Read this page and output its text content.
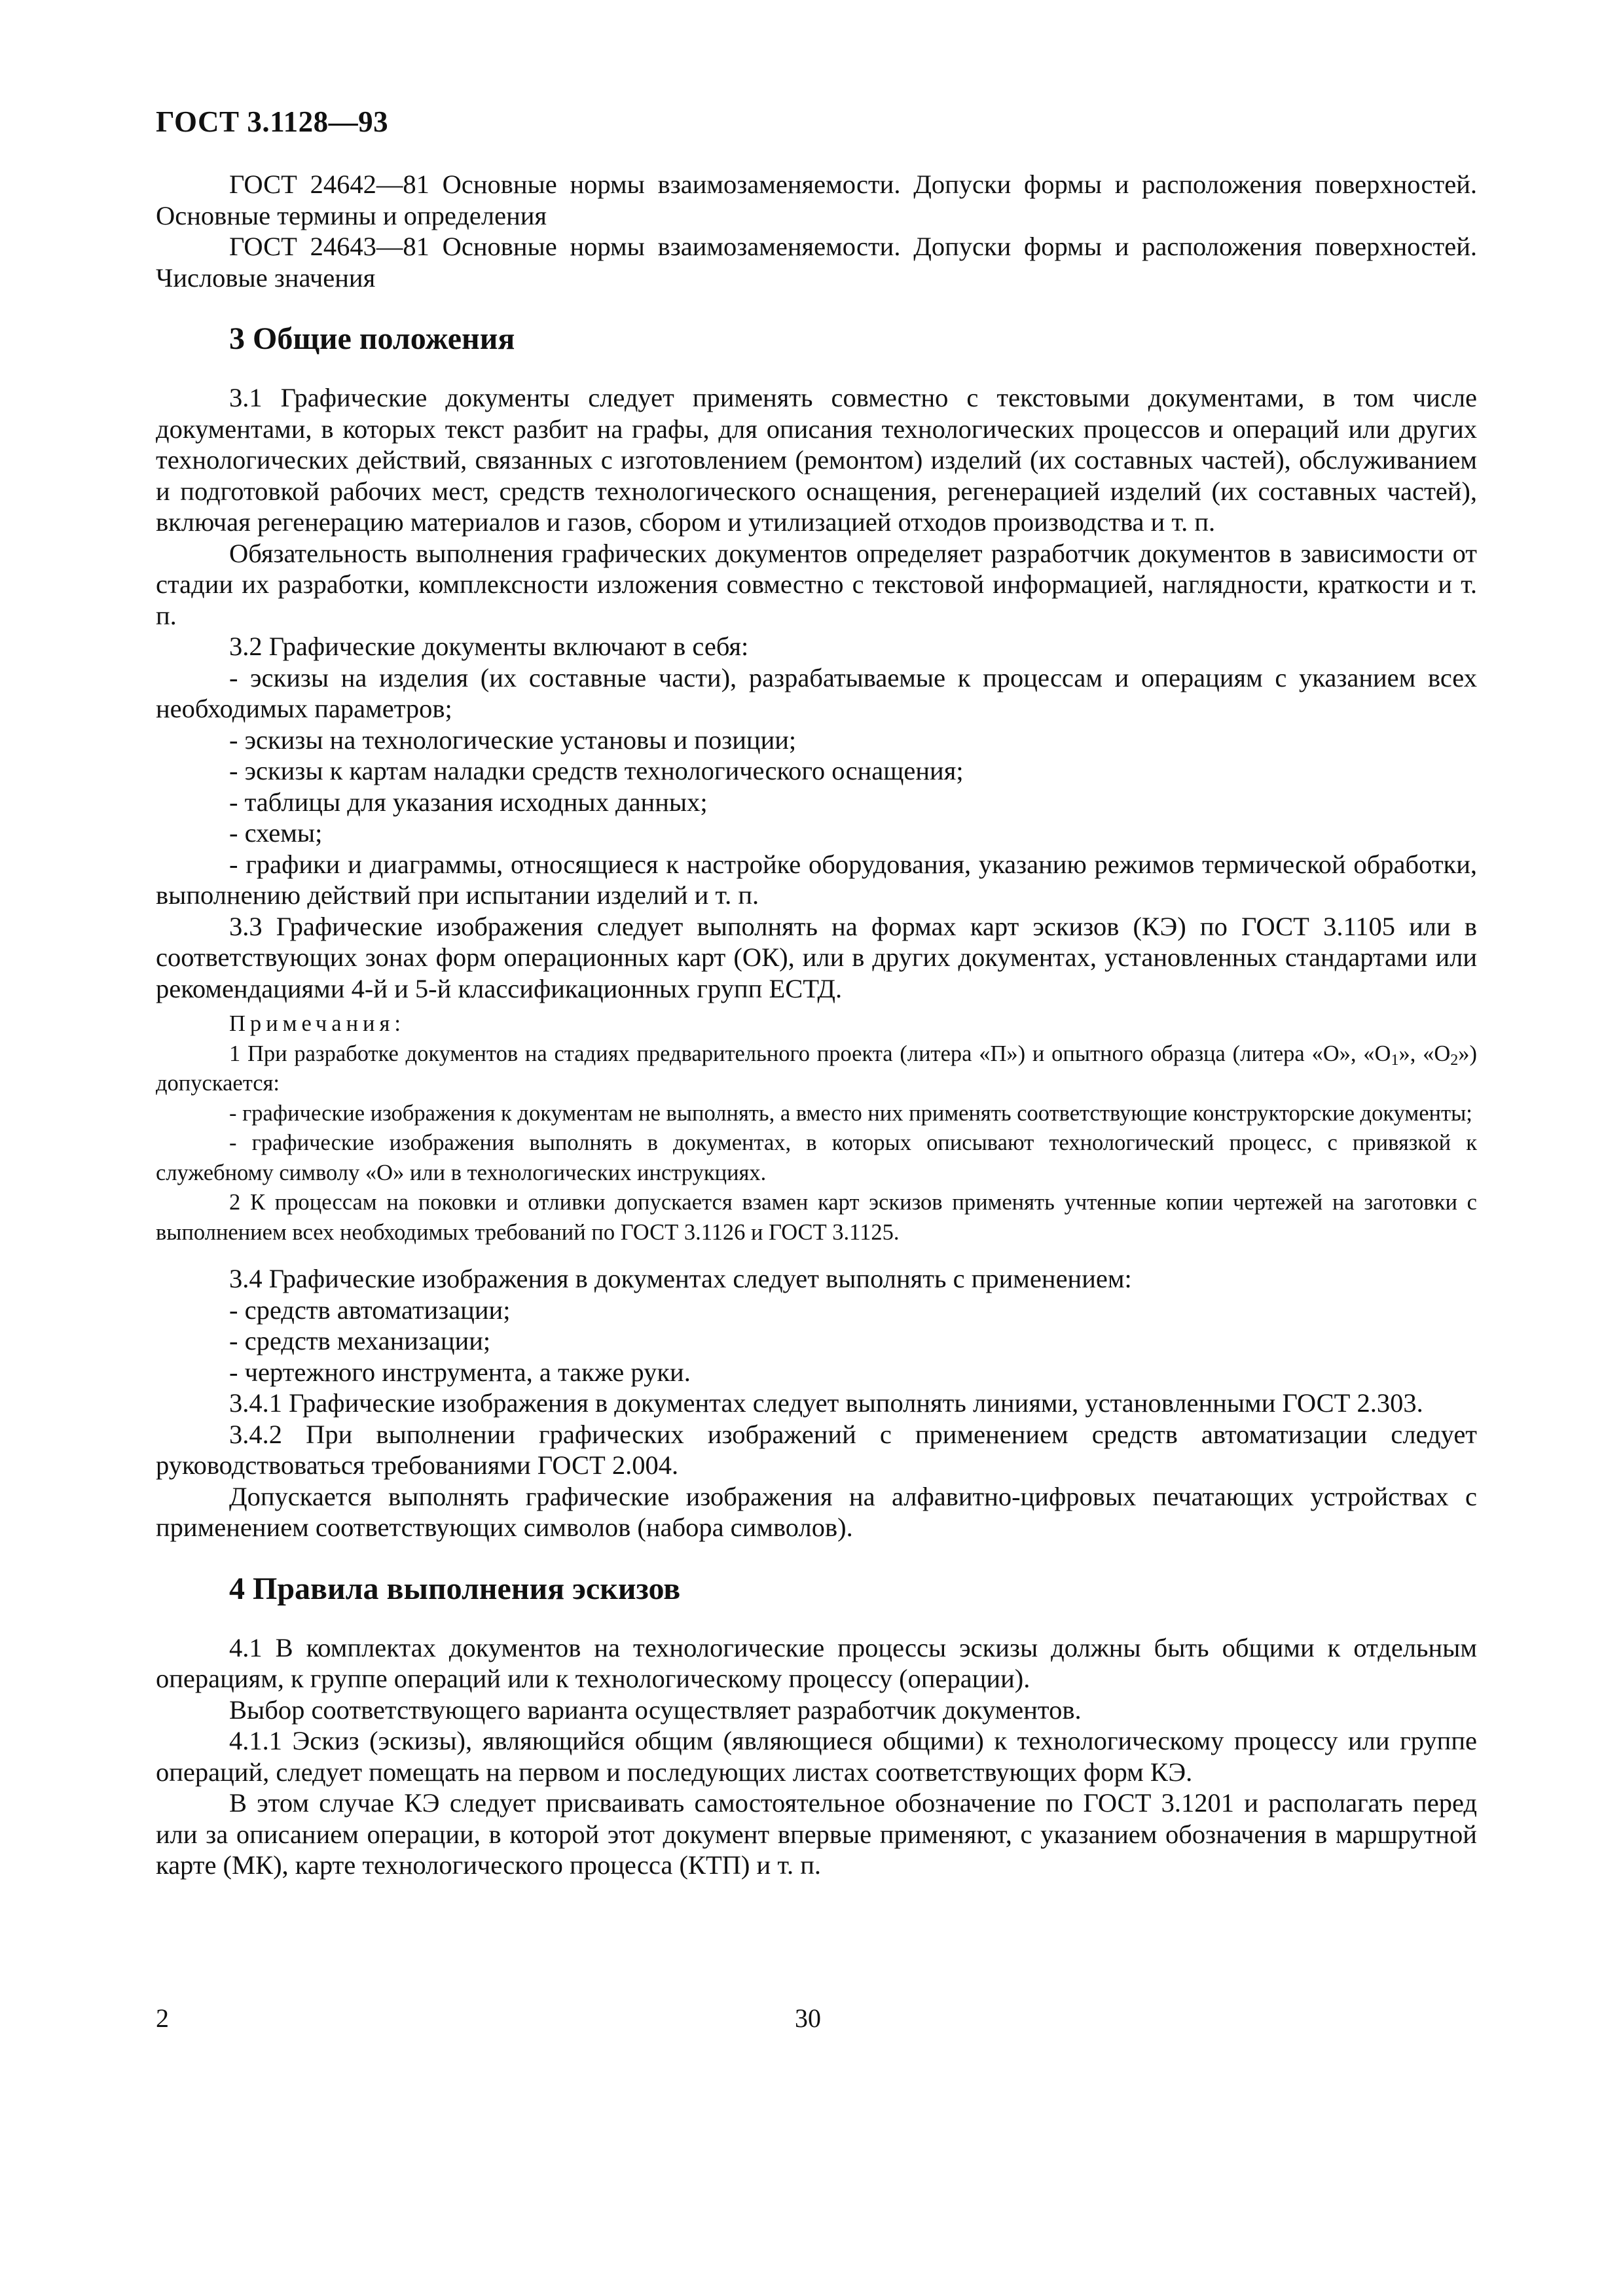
ГОСТ 3.1128—93

ГОСТ 24642—81 Основные нормы взаимозаменяемости. Допуски формы и расположения поверхностей. Основные термины и определения

ГОСТ 24643—81 Основные нормы взаимозаменяемости. Допуски формы и расположения поверхностей. Числовые значения

3 Общие положения

3.1 Графические документы следует применять совместно с текстовыми документами, в том числе документами, в которых текст разбит на графы, для описания технологических процессов и операций или других технологических действий, связанных с изготовлением (ремонтом) изделий (их составных частей), обслуживанием и подготовкой рабочих мест, средств технологического оснащения, регенерацией изделий (их составных частей), включая регенерацию материалов и газов, сбором и утилизацией отходов производства и т. п.

Обязательность выполнения графических документов определяет разработчик документов в зависимости от стадии их разработки, комплексности изложения совместно с текстовой информацией, наглядности, краткости и т. п.

3.2 Графические документы включают в себя:

- эскизы на изделия (их составные части), разрабатываемые к процессам и операциям с указанием всех необходимых параметров;

- эскизы на технологические установы и позиции;

- эскизы к картам наладки средств технологического оснащения;

- таблицы для указания исходных данных;

- схемы;

- графики и диаграммы, относящиеся к настройке оборудования, указанию режимов термической обработки, выполнению действий при испытании изделий и т. п.

3.3 Графические изображения следует выполнять на формах карт эскизов (КЭ) по ГОСТ 3.1105 или в соответствующих зонах форм операционных карт (ОК), или в других документах, установленных стандартами или рекомендациями 4-й и 5-й классификационных групп ЕСТД.

Примечания:

1 При разработке документов на стадиях предварительного проекта (литера «П») и опытного образца (литера «О», «$О_1$», «$О_2$») допускается:

- графические изображения к документам не выполнять, а вместо них применять соответствующие конструкторские документы;

- графические изображения выполнять в документах, в которых описывают технологический процесс, с привязкой к служебному символу «О» или в технологических инструкциях.

2 К процессам на поковки и отливки допускается взамен карт эскизов применять учтенные копии чертежей на заготовки с выполнением всех необходимых требований по ГОСТ 3.1126 и ГОСТ 3.1125.

3.4 Графические изображения в документах следует выполнять с применением:

- средств автоматизации;

- средств механизации;

- чертежного инструмента, а также руки.

3.4.1 Графические изображения в документах следует выполнять линиями, установленными ГОСТ 2.303.

3.4.2 При выполнении графических изображений с применением средств автоматизации следует руководствоваться требованиями ГОСТ 2.004.

Допускается выполнять графические изображения на алфавитно-цифровых печатающих устройствах с применением соответствующих символов (набора символов).

4 Правила выполнения эскизов

4.1 В комплектах документов на технологические процессы эскизы должны быть общими к отдельным операциям, к группе операций или к технологическому процессу (операции).

Выбор соответствующего варианта осуществляет разработчик документов.

4.1.1 Эскиз (эскизы), являющийся общим (являющиеся общими) к технологическому процессу или группе операций, следует помещать на первом и последующих листах соответствующих форм КЭ.

В этом случае КЭ следует присваивать самостоятельное обозначение по ГОСТ 3.1201 и располагать перед или за описанием операции, в которой этот документ впервые применяют, с указанием обозначения в маршрутной карте (МК), карте технологического процесса (КТП) и т. п.

2	30
